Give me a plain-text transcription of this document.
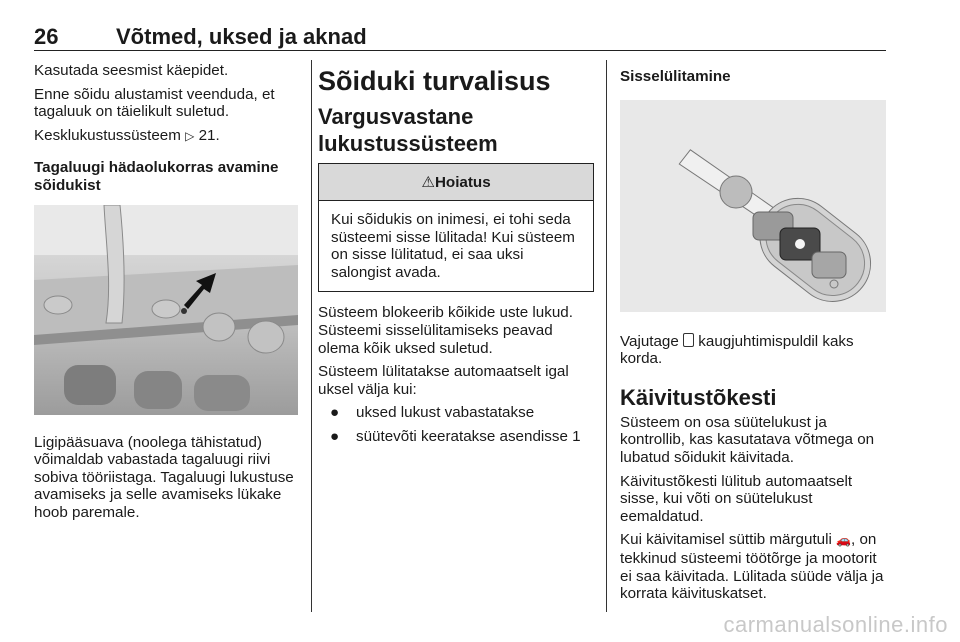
26	Võtmed, uksed ja aknad

Kasutada seesmist käepidet.

Enne sõidu alustamist veenduda, et tagaluuk on täielikult suletud.

Kesklukustussüsteem ▷ 21.

Tagaluugi hädaolukorras avamine sõidukist

Ligipääsuava (noolega tähistatud) võimaldab vabastada tagaluugi riivi sobiva tööriistaga. Tagaluugi lukustuse avamiseks ja selle avamiseks lükake hoob paremale.

Sõiduki turvalisus
Vargusvastane lukustussüsteem
⚠Hoiatus

Kui sõidukis on inimesi, ei tohi seda süsteemi sisse lülitada! Kui süsteem on sisse lülitatud, ei saa uksi salongist avada.

Süsteem blokeerib kõikide uste lukud. Süsteemi sisselülitamiseks peavad olema kõik uksed suletud.

Süsteem lülitatakse automaatselt igal uksel välja kui:

● uksed lukust vabastatakse
● süütevõti keeratakse asendisse 1

Sisselülitamine

Vajutage  kaugjuhtimispuldil kaks korda.

Käivitustõkesti

Süsteem on osa süütelukust ja kontrollib, kas kasutatava võtmega on lubatud sõidukit käivitada.

Käivitustõkesti lülitub automaatselt sisse, kui võti on süütelukust eemaldatud.

Kui käivitamisel süttib märgutuli 🚗, on tekkinud süsteemi töötõrge ja mootorit ei saa käivitada. Lülitada süüde välja ja korrata käivituskatset.

carmanualsonline.info
